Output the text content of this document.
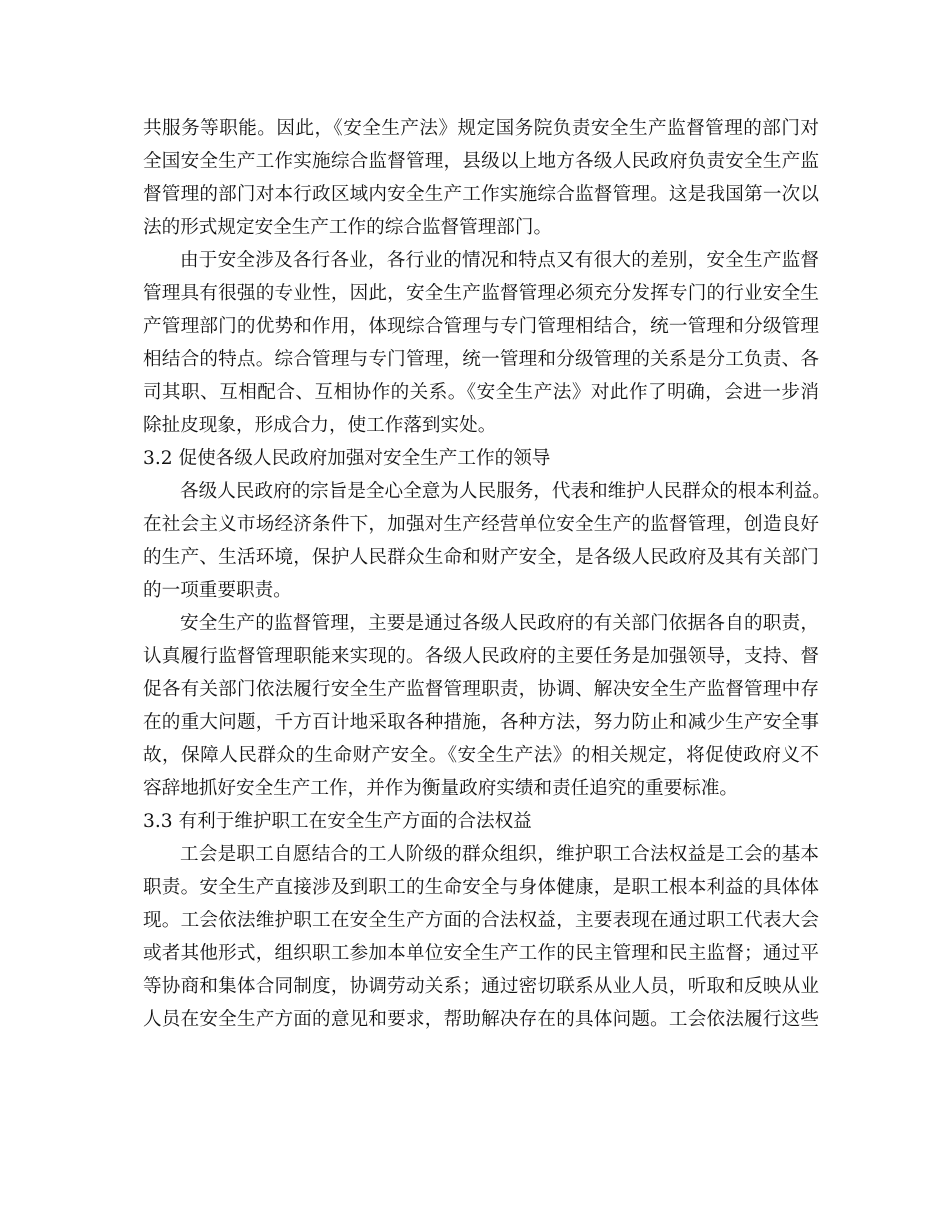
共服务等职能。因此，《安全生产法》规定国务院负责安全生产监督管理的部门对
全国安全生产工作实施综合监督管理，县级以上地方各级人民政府负责安全生产监
督管理的部门对本行政区域内安全生产工作实施综合监督管理。这是我国第一次以
法的形式规定安全生产工作的综合监督管理部门。
由于安全涉及各行各业，各行业的情况和特点又有很大的差别，安全生产监督
管理具有很强的专业性，因此，安全生产监督管理必须充分发挥专门的行业安全生
产管理部门的优势和作用，体现综合管理与专门管理相结合，统一管理和分级管理
相结合的特点。综合管理与专门管理，统一管理和分级管理的关系是分工负责、各
司其职、互相配合、互相协作的关系。《安全生产法》对此作了明确，会进一步消
除扯皮现象，形成合力，使工作落到实处。
3.2 促使各级人民政府加强对安全生产工作的领导
各级人民政府的宗旨是全心全意为人民服务，代表和维护人民群众的根本利益。
在社会主义市场经济条件下，加强对生产经营单位安全生产的监督管理，创造良好
的生产、生活环境，保护人民群众生命和财产安全，是各级人民政府及其有关部门
的一项重要职责。
安全生产的监督管理，主要是通过各级人民政府的有关部门依据各自的职责，
认真履行监督管理职能来实现的。各级人民政府的主要任务是加强领导，支持、督
促各有关部门依法履行安全生产监督管理职责，协调、解决安全生产监督管理中存
在的重大问题，千方百计地采取各种措施，各种方法，努力防止和减少生产安全事
故，保障人民群众的生命财产安全。《安全生产法》的相关规定，将促使政府义不
容辞地抓好安全生产工作，并作为衡量政府实绩和责任追究的重要标准。
3.3 有利于维护职工在安全生产方面的合法权益
工会是职工自愿结合的工人阶级的群众组织，维护职工合法权益是工会的基本
职责。安全生产直接涉及到职工的生命安全与身体健康，是职工根本利益的具体体
现。工会依法维护职工在安全生产方面的合法权益，主要表现在通过职工代表大会
或者其他形式，组织职工参加本单位安全生产工作的民主管理和民主监督；通过平
等协商和集体合同制度，协调劳动关系；通过密切联系从业人员，听取和反映从业
人员在安全生产方面的意见和要求，帮助解决存在的具体问题。工会依法履行这些
